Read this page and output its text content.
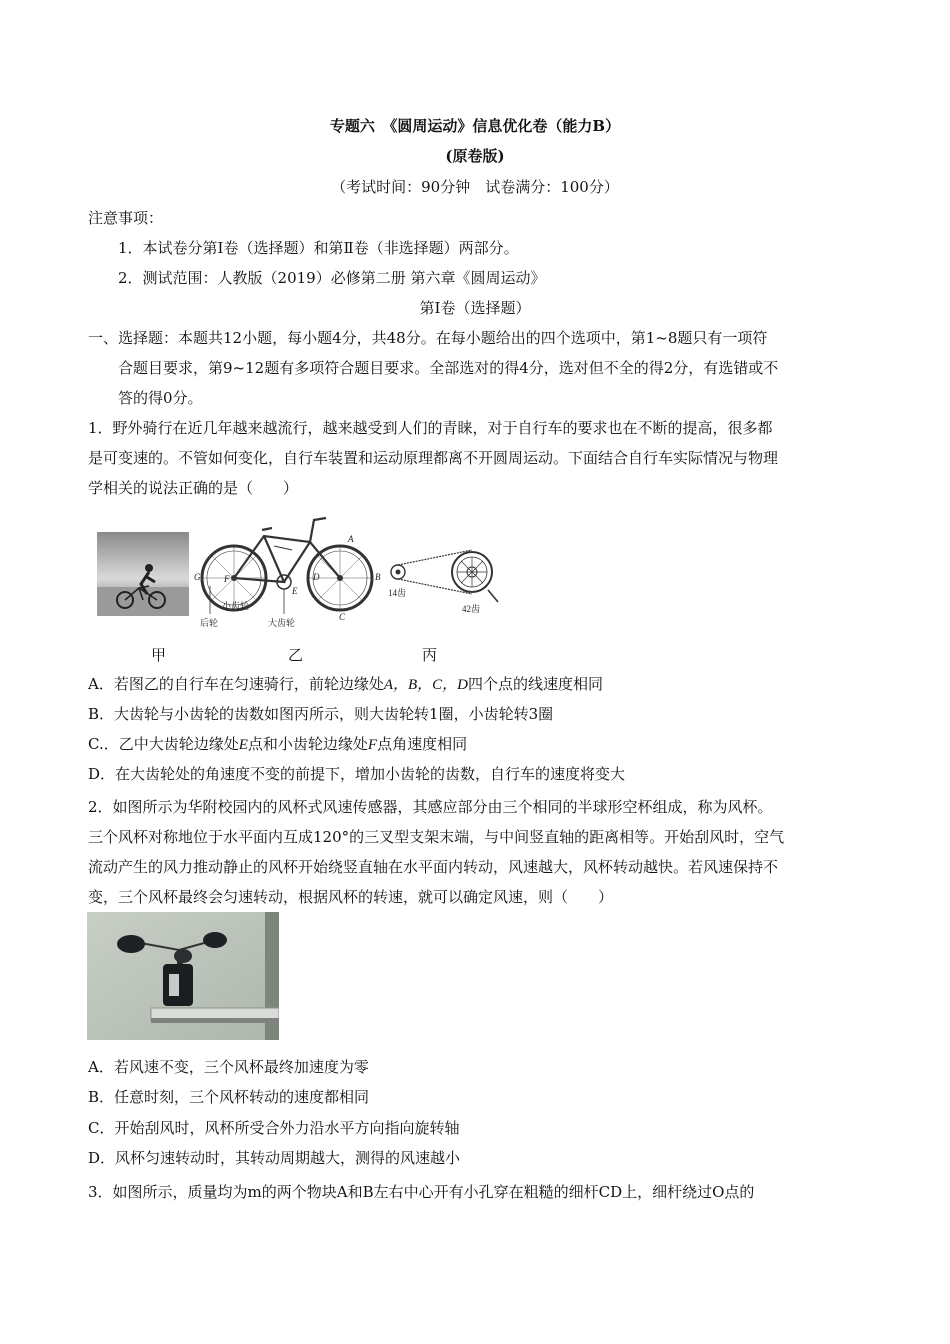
专题六　《圆周运动》信息优化卷（能力B）
(原卷版)
（考试时间：90分钟　试卷满分：100分）
注意事项：
1．本试卷分第Ⅰ卷（选择题）和第Ⅱ卷（非选择题）两部分。
2．测试范围：人教版（2019）必修第二册 第六章《圆周运动》
第Ⅰ卷（选择题）
一、选择题：本题共12小题，每小题4分，共48分。在每小题给出的四个选项中，第1~8题只有一项符
合题目要求，第9~12题有多项符合题目要求。全部选对的得4分，选对但不全的得2分，有选错或不
答的得0分。
1．野外骑行在近几年越来越流行，越来越受到人们的青睐，对于自行车的要求也在不断的提高，很多都
是可变速的。不管如何变化，自行车装置和运动原理都离不开圆周运动。下面结合自行车实际情况与物理
学相关的说法正确的是（　　）
G	F
E
D
A
B
C
小齿轮
后轮	大齿轮
14齿
42齿
甲	乙	丙
A．若图乙的自行车在匀速骑行，前轮边缘处A，B，C，D四个点的线速度相同
B．大齿轮与小齿轮的齿数如图丙所示，则大齿轮转1圈，小齿轮转3圈
C.．乙中大齿轮边缘处E点和小齿轮边缘处F点角速度相同
D．在大齿轮处的角速度不变的前提下，增加小齿轮的齿数，自行车的速度将变大
2．如图所示为华附校园内的风杯式风速传感器，其感应部分由三个相同的半球形空杯组成，称为风杯。
三个风杯对称地位于水平面内互成120°的三叉型支架末端，与中间竖直轴的距离相等。开始刮风时，空气
流动产生的风力推动静止的风杯开始绕竖直轴在水平面内转动，风速越大，风杯转动越快。若风速保持不
变，三个风杯最终会匀速转动，根据风杯的转速，就可以确定风速，则（　　）
A．若风速不变，三个风杯最终加速度为零
B．任意时刻，三个风杯转动的速度都相同
C．开始刮风时，风杯所受合外力沿水平方向指向旋转轴
D．风杯匀速转动时，其转动周期越大，测得的风速越小
3．如图所示，质量均为m的两个物块A和B左右中心开有小孔穿在粗糙的细杆CD上，细杆绕过O点的
